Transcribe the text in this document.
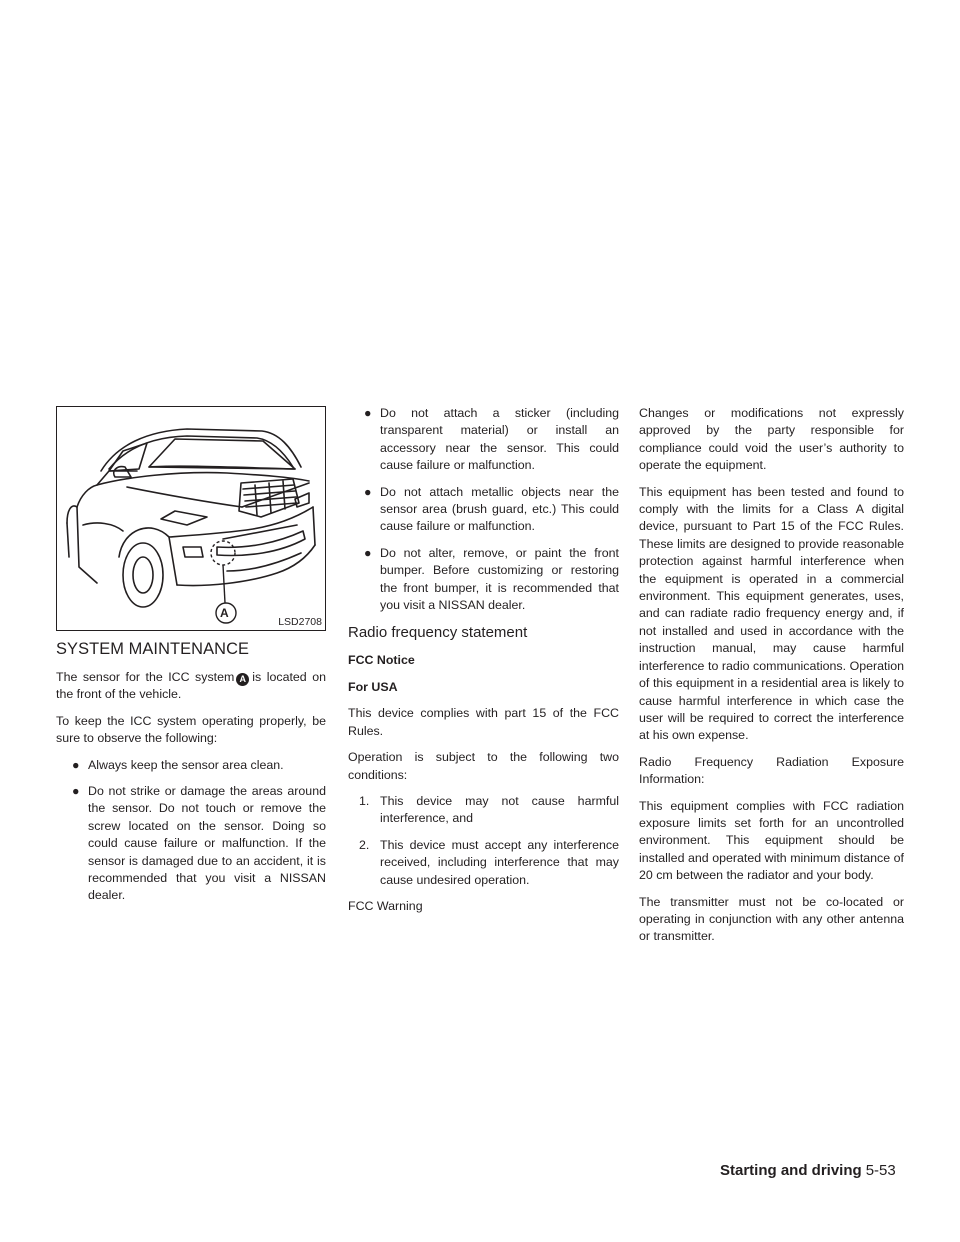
A
LSD2708
SYSTEM MAINTENANCE

The sensor for the ICC system A is located on the front of the vehicle.

To keep the ICC system operating properly, be sure to observe the following:

● Always keep the sensor area clean.
● Do not strike or damage the areas around the sensor. Do not touch or remove the screw located on the sensor. Doing so could cause failure or malfunction. If the sensor is damaged due to an accident, it is recommended that you visit a NISSAN dealer.
● Do not attach a sticker (including transparent material) or install an accessory near the sensor. This could cause failure or malfunction.
● Do not attach metallic objects near the sensor area (brush guard, etc.) This could cause failure or malfunction.
● Do not alter, remove, or paint the front bumper. Before customizing or restoring the front bumper, it is recommended that you visit a NISSAN dealer.
Radio frequency statement

FCC Notice

For USA

This device complies with part 15 of the FCC Rules.

Operation is subject to the following two conditions:

1. This device may not cause harmful interference, and
2. This device must accept any interference received, including interference that may cause undesired operation.

FCC Warning

Changes or modifications not expressly approved by the party responsible for compliance could void the user’s authority to operate the equipment.

This equipment has been tested and found to comply with the limits for a Class A digital device, pursuant to Part 15 of the FCC Rules. These limits are designed to provide reasonable protection against harmful interference when the equipment is operated in a commercial environment. This equipment generates, uses, and can radiate radio frequency energy and, if not installed and used in accordance with the instruction manual, may cause harmful interference to radio communications. Operation of this equipment in a residential area is likely to cause harmful interference in which case the user will be required to correct the interference at his own expense.

Radio Frequency Radiation Exposure Information:

This equipment complies with FCC radiation exposure limits set forth for an uncontrolled environment. This equipment should be installed and operated with minimum distance of 20 cm between the radiator and your body.

The transmitter must not be co-located or operating in conjunction with any other antenna or transmitter.

Starting and driving 5-53
